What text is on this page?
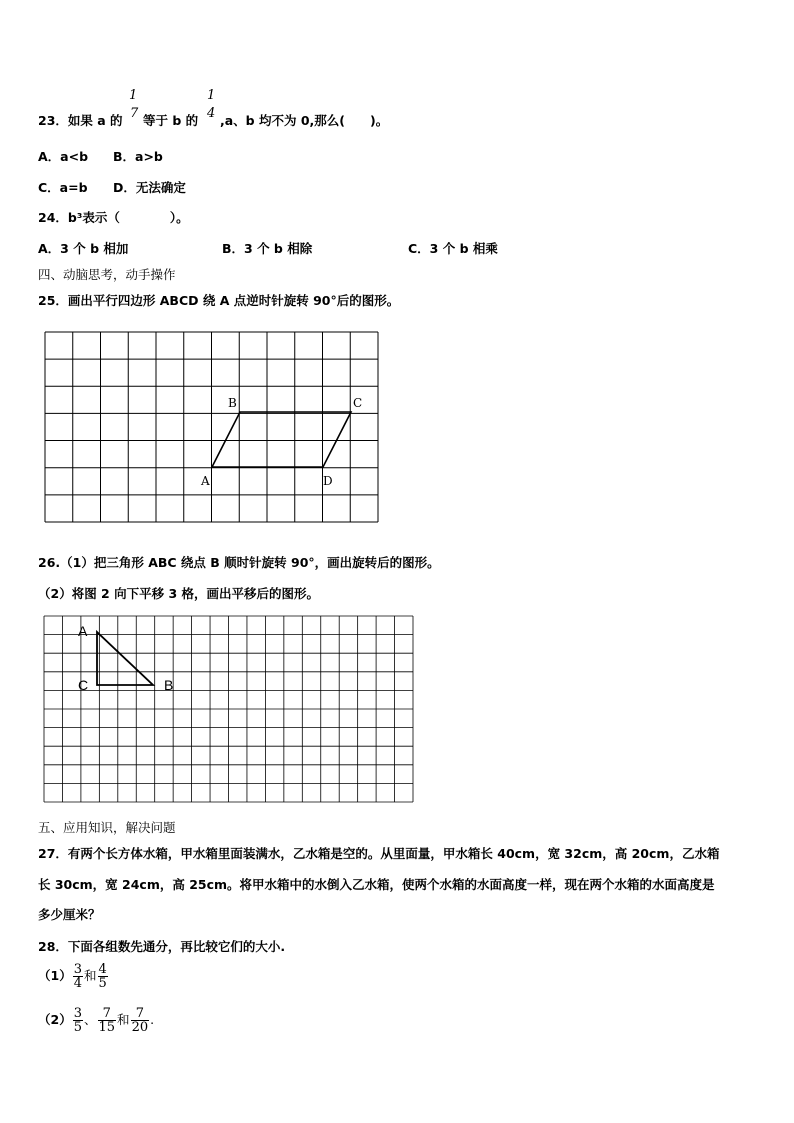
23．如果 a 的
1
7 等于 b 的
1
4 ,a、b 均不为 0,那么(　　)。
A．a<b B．a>b
C．a=b D．无法确定
24．b³表示（　　　　）。
A．3 个 b 相加	B．3 个 b 相除	C．3 个 b 相乘
四、动脑思考，动手操作
25．画出平行四边形 ABCD 绕 A 点逆时针旋转 90°后的图形。
A
B	C
D
26.（1）把三角形 ABC 绕点 B 顺时针旋转 90°，画出旋转后的图形。
（2）将图 2 向下平移 3 格，画出平移后的图形。
A
B
C
五、应用知识，解决问题
27．有两个长方体水箱，甲水箱里面装满水，乙水箱是空的。从里面量，甲水箱长 40cm，宽 32cm，高 20cm，乙水箱
长 30cm，宽 24cm，高 25cm。将甲水箱中的水倒入乙水箱，使两个水箱的水面高度一样，现在两个水箱的水面高度是
多少厘米？
28．下面各组数先通分，再比较它们的大小.
$(1) \frac{3}{4}$ 和 $\frac{4}{5}$
$(2) \frac{3}{5}$ 、 $\frac{7}{15}$ 和 $\frac{7}{20}$ .
